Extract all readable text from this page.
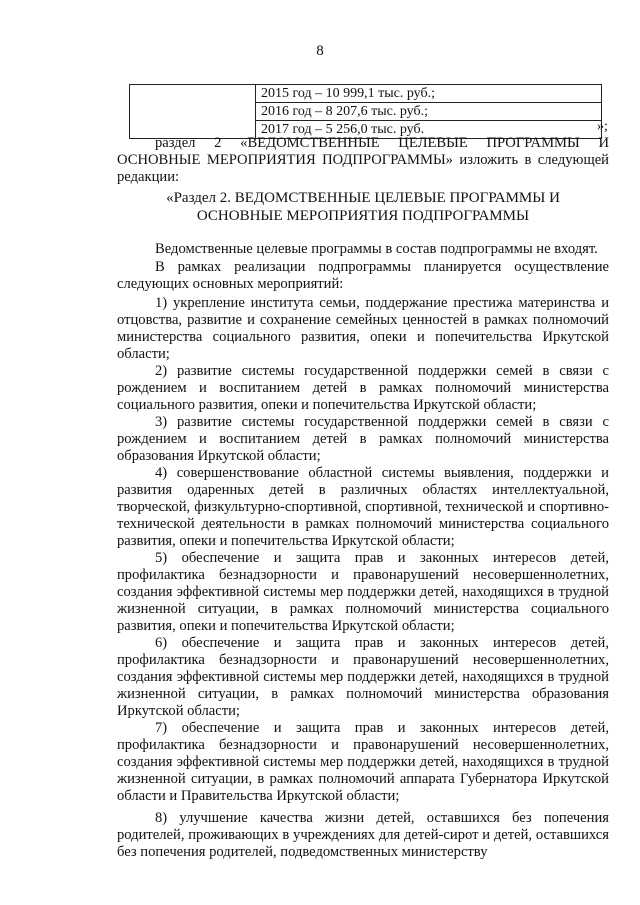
8

2015 год – 10 999,1 тыс. руб.;
2016 год – 8 207,6 тыс. руб.;
2017 год – 5 256,0 тыс. руб.	»;
раздел 2 «ВЕДОМСТВЕННЫЕ ЦЕЛЕВЫЕ ПРОГРАММЫ И ОСНОВНЫЕ МЕРОПРИЯТИЯ ПОДПРОГРАММЫ» изложить в следующей редакции:
«Раздел 2. ВЕДОМСТВЕННЫЕ ЦЕЛЕВЫЕ ПРОГРАММЫ И
ОСНОВНЫЕ МЕРОПРИЯТИЯ ПОДПРОГРАММЫ
Ведомственные целевые программы в состав подпрограммы не входят.
В рамках реализации подпрограммы планируется осуществление следующих основных мероприятий:
1) укрепление института семьи, поддержание престижа материнства и отцовства, развитие и сохранение семейных ценностей в рамках полномочий министерства социального развития, опеки и попечительства Иркутской области;
2) развитие системы государственной поддержки семей в связи с рождением и воспитанием детей в рамках полномочий министерства социального развития, опеки и попечительства Иркутской области;
3) развитие системы государственной поддержки семей в связи с рождением и воспитанием детей в рамках полномочий министерства образования Иркутской области;
4) совершенствование областной системы выявления, поддержки и развития одаренных детей в различных областях интеллектуальной, творческой, физкультурно-спортивной, спортивной, технической и спортивно-технической деятельности в рамках полномочий министерства социального развития, опеки и попечительства Иркутской области;
5) обеспечение и защита прав и законных интересов детей, профилактика безнадзорности и правонарушений несовершеннолетних, создания эффективной системы мер поддержки детей, находящихся в трудной жизненной ситуации, в рамках полномочий министерства социального развития, опеки и попечительства Иркутской области;
6) обеспечение и защита прав и законных интересов детей, профилактика безнадзорности и правонарушений несовершеннолетних, создания эффективной системы мер поддержки детей, находящихся в трудной жизненной ситуации, в рамках полномочий министерства образования Иркутской области;
7) обеспечение и защита прав и законных интересов детей, профилактика безнадзорности и правонарушений несовершеннолетних, создания эффективной системы мер поддержки детей, находящихся в трудной жизненной ситуации, в рамках полномочий аппарата Губернатора Иркутской области и Правительства Иркутской области;
8) улучшение качества жизни детей, оставшихся без попечения родителей, проживающих в учреждениях для детей-сирот и детей, оставшихся без попечения родителей, подведомственных министерству
